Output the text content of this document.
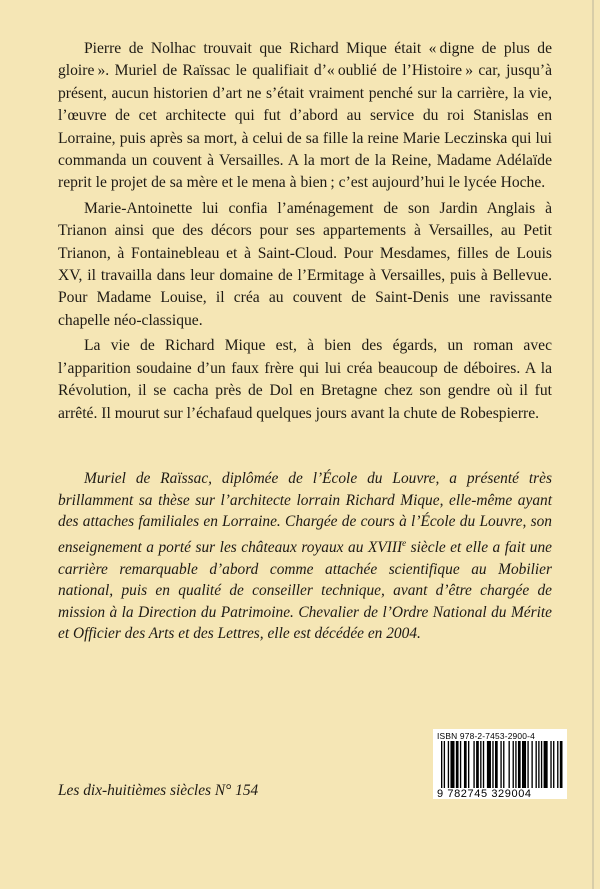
Pierre de Nolhac trouvait que Richard Mique était « digne de plus de gloire ». Muriel de Raïssac le qualifiait d’« oublié de l’Histoire » car, jusqu’à présent, aucun historien d’art ne s’était vraiment penché sur la carrière, la vie, l’œuvre de cet architecte qui fut d’abord au service du roi Stanislas en Lorraine, puis après sa mort, à celui de sa fille la reine Marie Leczinska qui lui commanda un couvent à Versailles. A la mort de la Reine, Madame Adélaïde reprit le projet de sa mère et le mena à bien ; c’est aujourd’hui le lycée Hoche.

Marie-Antoinette lui confia l’aménagement de son Jardin Anglais à Trianon ainsi que des décors pour ses appartements à Versailles, au Petit Trianon, à Fontainebleau et à Saint-Cloud. Pour Mesdames, filles de Louis XV, il travailla dans leur domaine de l’Ermitage à Versailles, puis à Bellevue. Pour Madame Louise, il créa au couvent de Saint-Denis une ravissante chapelle néo-classique.

La vie de Richard Mique est, à bien des égards, un roman avec l’apparition soudaine d’un faux frère qui lui créa beaucoup de déboires. A la Révolution, il se cacha près de Dol en Bretagne chez son gendre où il fut arrêté. Il mourut sur l’échafaud quelques jours avant la chute de Robespierre.

Muriel de Raïssac, diplômée de l’École du Louvre, a présenté très brillamment sa thèse sur l’architecte lorrain Richard Mique, elle-même ayant des attaches familiales en Lorraine. Chargée de cours à l’École du Louvre, son enseignement a porté sur les châteaux royaux au XVIIIe siècle et elle a fait une carrière remarquable d’abord comme attachée scientifique au Mobilier national, puis en qualité de conseiller technique, avant d’être chargée de mission à la Direction du Patrimoine. Chevalier de l’Ordre National du Mérite et Officier des Arts et des Lettres, elle est décédée en 2004.

Les dix-huitièmes siècles N° 154
ISBN 978-2-7453-2900-4
9 782745 329004
